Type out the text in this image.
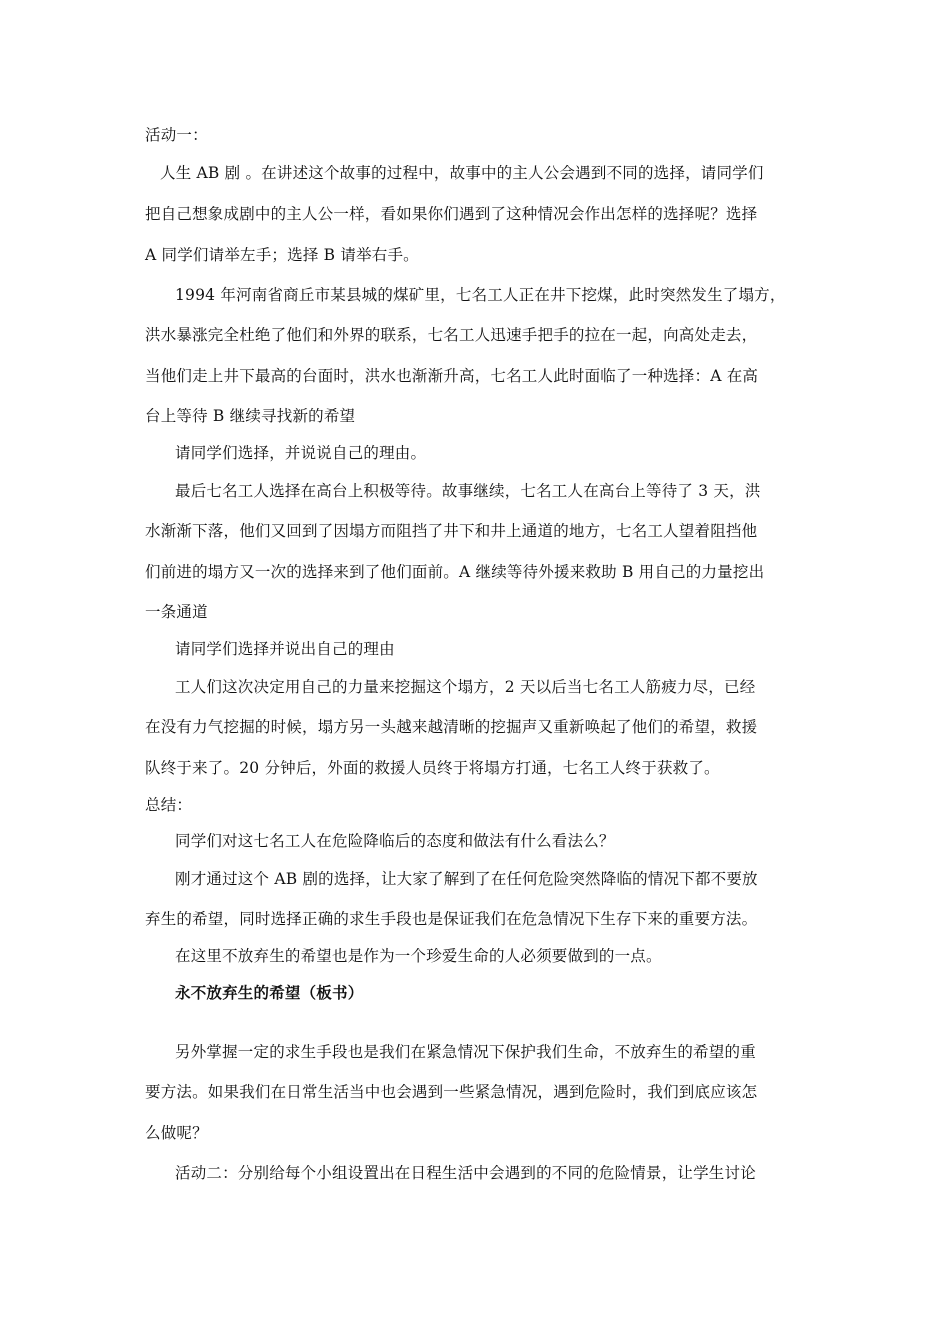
活动一：
人生 AB 剧 。在讲述这个故事的过程中，故事中的主人公会遇到不同的选择，请同学们
把自己想象成剧中的主人公一样，看如果你们遇到了这种情况会作出怎样的选择呢？选择
A 同学们请举左手；选择 B 请举右手。
1994 年河南省商丘市某县城的煤矿里，七名工人正在井下挖煤，此时突然发生了塌方，
洪水暴涨完全杜绝了他们和外界的联系，七名工人迅速手把手的拉在一起，向高处走去，
当他们走上井下最高的台面时，洪水也渐渐升高，七名工人此时面临了一种选择：A 在高
台上等待 B 继续寻找新的希望
请同学们选择，并说说自己的理由。
最后七名工人选择在高台上积极等待。故事继续，七名工人在高台上等待了 3 天，洪
水渐渐下落，他们又回到了因塌方而阻挡了井下和井上通道的地方，七名工人望着阻挡他
们前进的塌方又一次的选择来到了他们面前。A 继续等待外援来救助 B 用自己的力量挖出
一条通道
请同学们选择并说出自己的理由
工人们这次决定用自己的力量来挖掘这个塌方，2 天以后当七名工人筋疲力尽，已经
在没有力气挖掘的时候，塌方另一头越来越清晰的挖掘声又重新唤起了他们的希望，救援
队终于来了。20 分钟后，外面的救援人员终于将塌方打通，七名工人终于获救了。
总结：
同学们对这七名工人在危险降临后的态度和做法有什么看法么？
刚才通过这个 AB 剧的选择，让大家了解到了在任何危险突然降临的情况下都不要放
弃生的希望，同时选择正确的求生手段也是保证我们在危急情况下生存下来的重要方法。
在这里不放弃生的希望也是作为一个珍爱生命的人必须要做到的一点。
永不放弃生的希望（板书）
另外掌握一定的求生手段也是我们在紧急情况下保护我们生命，不放弃生的希望的重
要方法。如果我们在日常生活当中也会遇到一些紧急情况，遇到危险时，我们到底应该怎
么做呢？
活动二：分别给每个小组设置出在日程生活中会遇到的不同的危险情景，让学生讨论
